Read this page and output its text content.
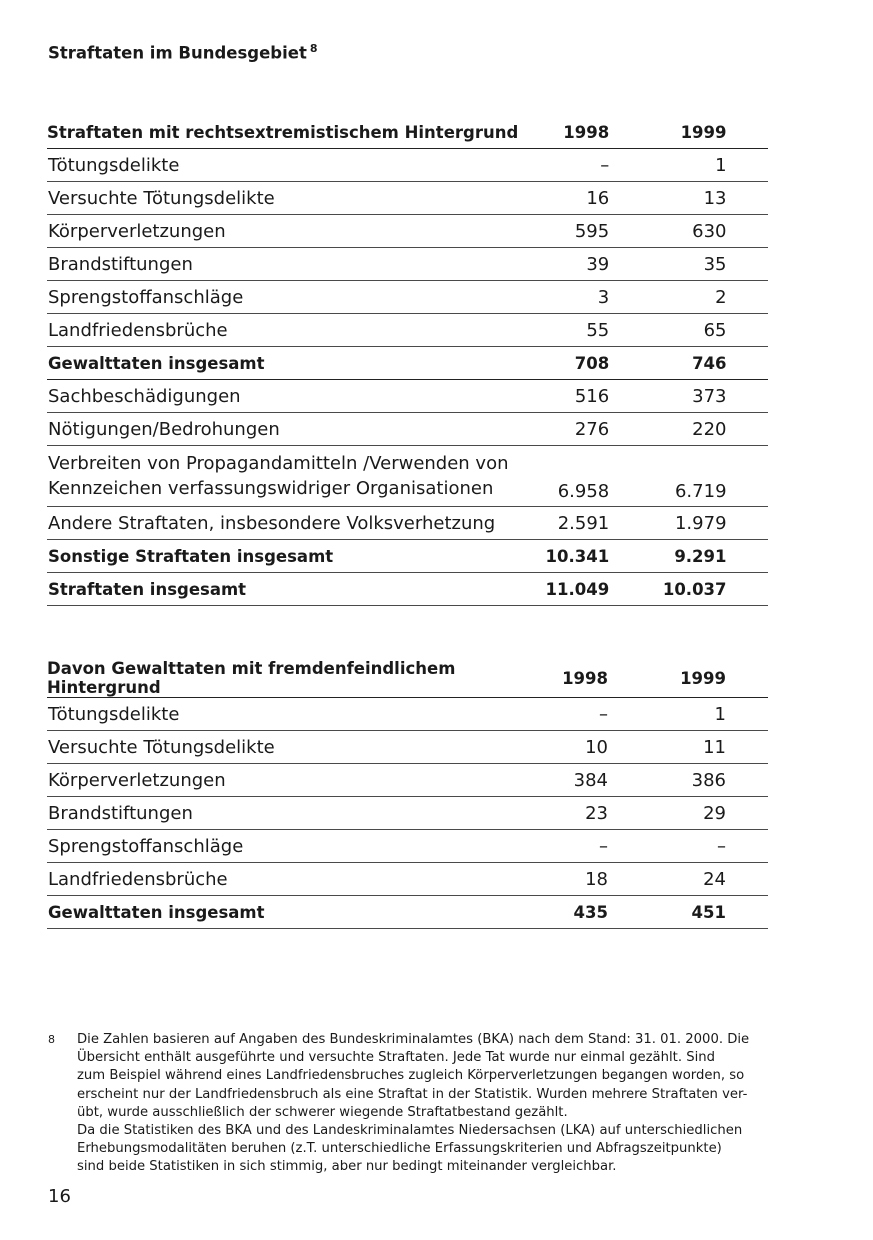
Straftaten im Bundesgebiet $^8$
Straftaten mit rechtsextremistischem Hintergrund	1998	1999	
Tötungsdelikte	–	1	
Versuchte Tötungsdelikte	16	13	
Körperverletzungen	595	630	
Brandstiftungen	39	35	
Sprengstoffanschläge	3	2	
Landfriedensbrüche	55	65	
Gewalttaten insgesamt	708	746	
Sachbeschädigungen	516	373	
Nötigungen/Bedrohungen	276	220	
Verbreiten von Propagandamitteln /Verwenden von
Kennzeichen verfassungswidriger Organisationen	6.958	6.719	
Andere Straftaten, insbesondere Volksverhetzung	2.591	1.979	
Sonstige Straftaten insgesamt	10.341	9.291	
Straftaten insgesamt	11.049	10.037	
Davon Gewalttaten mit fremdenfeindlichem Hintergrund	1998	1999	
Tötungsdelikte	–	1	
Versuchte Tötungsdelikte	10	11	
Körperverletzungen	384	386	
Brandstiftungen	23	29	
Sprengstoffanschläge	–	–	
Landfriedensbrüche	18	24	
Gewalttaten insgesamt	435	451	
8 Die Zahlen basieren auf Angaben des Bundeskriminalamtes (BKA) nach dem Stand: 31. 01. 2000. Die
Übersicht enthält ausgeführte und versuchte Straftaten. Jede Tat wurde nur einmal gezählt. Sind
zum Beispiel während eines Landfriedensbruches zugleich Körperverletzungen begangen worden, so
erscheint nur der Landfriedensbruch als eine Straftat in der Statistik. Wurden mehrere Straftaten ver-
übt, wurde ausschließlich der schwerer wiegende Straftatbestand gezählt.

Da die Statistiken des BKA und des Landeskriminalamtes Niedersachsen (LKA) auf unterschiedlichen
Erhebungsmodalitäten beruhen (z.T. unterschiedliche Erfassungskriterien und Abfragszeitpunkte)
sind beide Statistiken in sich stimmig, aber nur bedingt miteinander vergleichbar.

16
